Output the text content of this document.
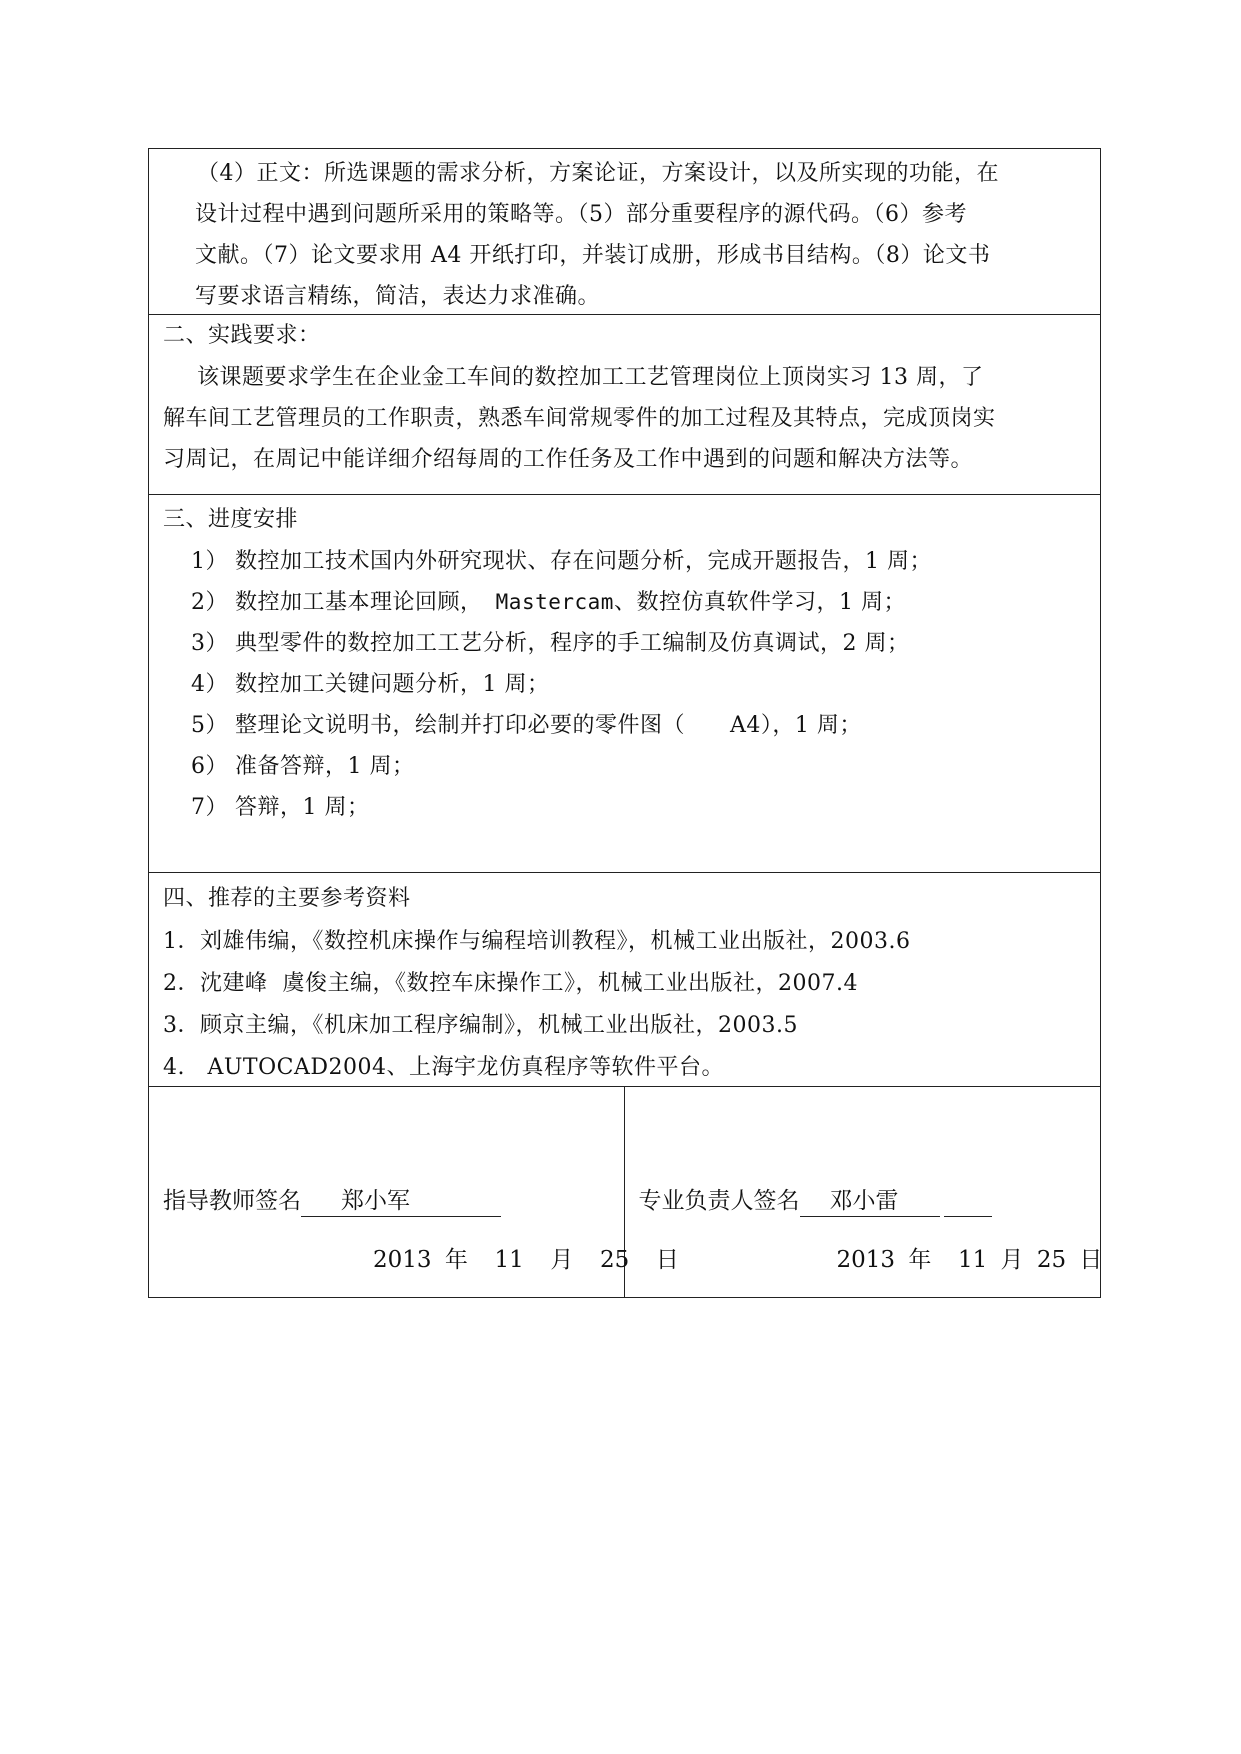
（4）正文：所选课题的需求分析，方案论证，方案设计，以及所实现的功能，在

设计过程中遇到问题所采用的策略等。（5）部分重要程序的源代码。（6）参考

文献。（7）论文要求用 A4 开纸打印，并装订成册，形成书目结构。（8）论文书

写要求语言精练，简洁，表达力求准确。

二、实践要求：

该课题要求学生在企业金工车间的数控加工工艺管理岗位上顶岗实习 13 周，了

解车间工艺管理员的工作职责，熟悉车间常规零件的加工过程及其特点，完成顶岗实

习周记，在周记中能详细介绍每周的工作任务及工作中遇到的问题和解决方法等。

三、进度安排

1） 数控加工技术国内外研究现状、存在问题分析，完成开题报告，1 周；
2） 数控加工基本理论回顾， Mastercam、数控仿真软件学习，1 周；
3） 典型零件的数控加工工艺分析，程序的手工编制及仿真调试，2 周；
4） 数控加工关键问题分析，1 周；
5） 整理论文说明书，绘制并打印必要的零件图（      A4），1 周；
6） 准备答辩，1 周；
7） 答辩，1 周；

四、推荐的主要参考资料

1．刘雄伟编，《数控机床操作与编程培训教程》，机械工业出版社，2003.6

2．沈建峰  虞俊主编，《数控车床操作工》，机械工业出版社，2007.4

3．顾京主编，《机床加工程序编制》，机械工业出版社，2003.5

4.   AUTOCAD2004、上海宇龙仿真程序等软件平台。

指导教师签名 郑小军
2013 年  11  月  25  日
专业负责人签名 邓小雷
2013 年  11 月 25 日
